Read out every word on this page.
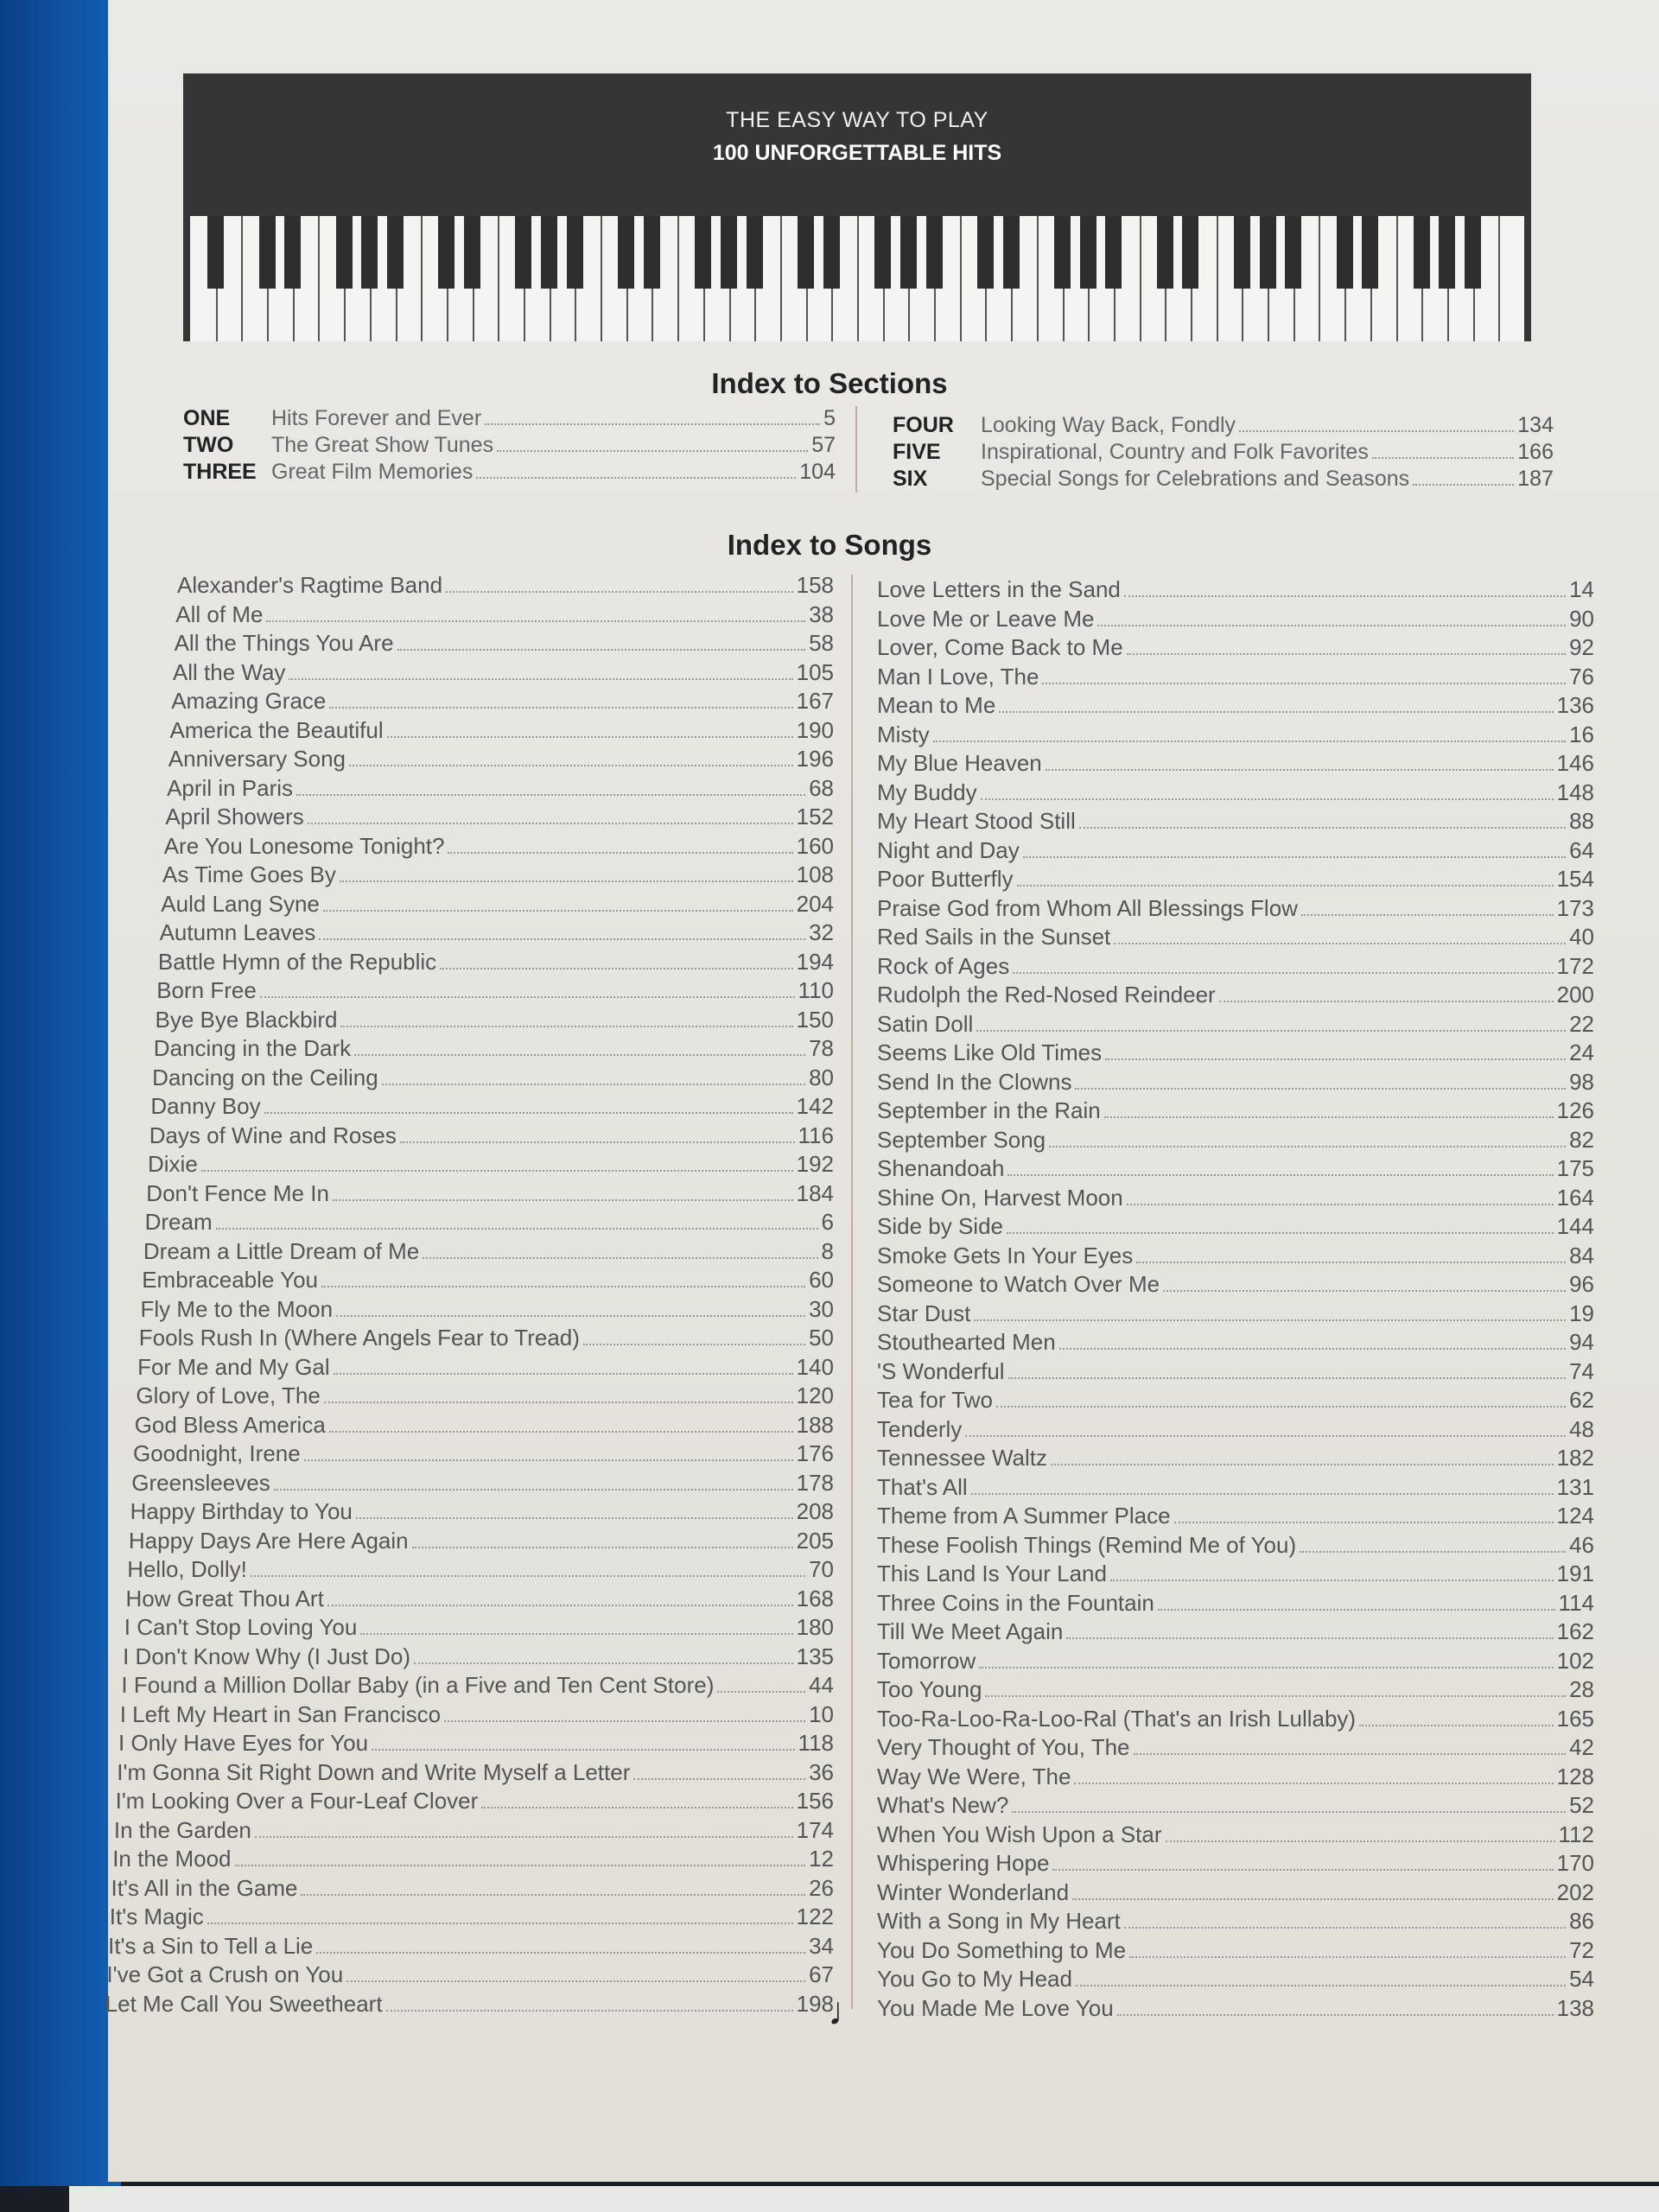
THE EASY WAY TO PLAY
100 UNFORGETTABLE HITS
Index to Sections
ONE	Hits Forever and Ever	5
TWO	The Great Show Tunes	57
THREE Great Film Memories	104
FOUR	Looking Way Back, Fondly	134
FIVE	Inspirational, Country and Folk Favorites	166
SIX	Special Songs for Celebrations and Seasons	187
Index to Songs
Alexander's Ragtime Band	158
All of Me	38
All the Things You Are	58
All the Way	105
Amazing Grace	167
America the Beautiful	190
Anniversary Song	196
April in Paris	68
April Showers	152
Are You Lonesome Tonight?	160
As Time Goes By	108
Auld Lang Syne	204
Autumn Leaves	32
Battle Hymn of the Republic	194
Born Free	110
Bye Bye Blackbird	150
Dancing in the Dark	78
Dancing on the Ceiling	80
Danny Boy	142
Days of Wine and Roses	116
Dixie	192
Don't Fence Me In	184
Dream	6
Dream a Little Dream of Me	8
Embraceable You	60
Fly Me to the Moon	30
Fools Rush In (Where Angels Fear to Tread)	50
For Me and My Gal	140
Glory of Love, The	120
God Bless America	188
Goodnight, Irene	176
Greensleeves	178
Happy Birthday to You	208
Happy Days Are Here Again	205
Hello, Dolly!	70
How Great Thou Art	168
I Can't Stop Loving You	180
I Don't Know Why (I Just Do)	135
I Found a Million Dollar Baby (in a Five and Ten Cent Store)	44
I Left My Heart in San Francisco	10
I Only Have Eyes for You	118
I'm Gonna Sit Right Down and Write Myself a Letter	36
I'm Looking Over a Four-Leaf Clover	156
In the Garden	174
In the Mood	12
It's All in the Game	26
It's Magic	122
It's a Sin to Tell a Lie	34
I've Got a Crush on You	67
Let Me Call You Sweetheart	198
Love Letters in the Sand	14
Love Me or Leave Me	90
Lover, Come Back to Me	92
Man I Love, The	76
Mean to Me	136
Misty	16
My Blue Heaven	146
My Buddy	148
My Heart Stood Still	88
Night and Day	64
Poor Butterfly	154
Praise God from Whom All Blessings Flow	173
Red Sails in the Sunset	40
Rock of Ages	172
Rudolph the Red-Nosed Reindeer	200
Satin Doll	22
Seems Like Old Times	24
Send In the Clowns	98
September in the Rain	126
September Song	82
Shenandoah	175
Shine On, Harvest Moon	164
Side by Side	144
Smoke Gets In Your Eyes	84
Someone to Watch Over Me	96
Star Dust	19
Stouthearted Men	94
'S Wonderful	74
Tea for Two	62
Tenderly	48
Tennessee Waltz	182
That's All	131
Theme from A Summer Place	124
These Foolish Things (Remind Me of You)	46
This Land Is Your Land	191
Three Coins in the Fountain	114
Till We Meet Again	162
Tomorrow	102
Too Young	28
Too-Ra-Loo-Ra-Loo-Ral (That's an Irish Lullaby)	165
Very Thought of You, The	42
Way We Were, The	128
What's New?	52
When You Wish Upon a Star	112
Whispering Hope	170
Winter Wonderland	202
With a Song in My Heart	86
You Do Something to Me	72
You Go to My Head	54
You Made Me Love You	138
♩
